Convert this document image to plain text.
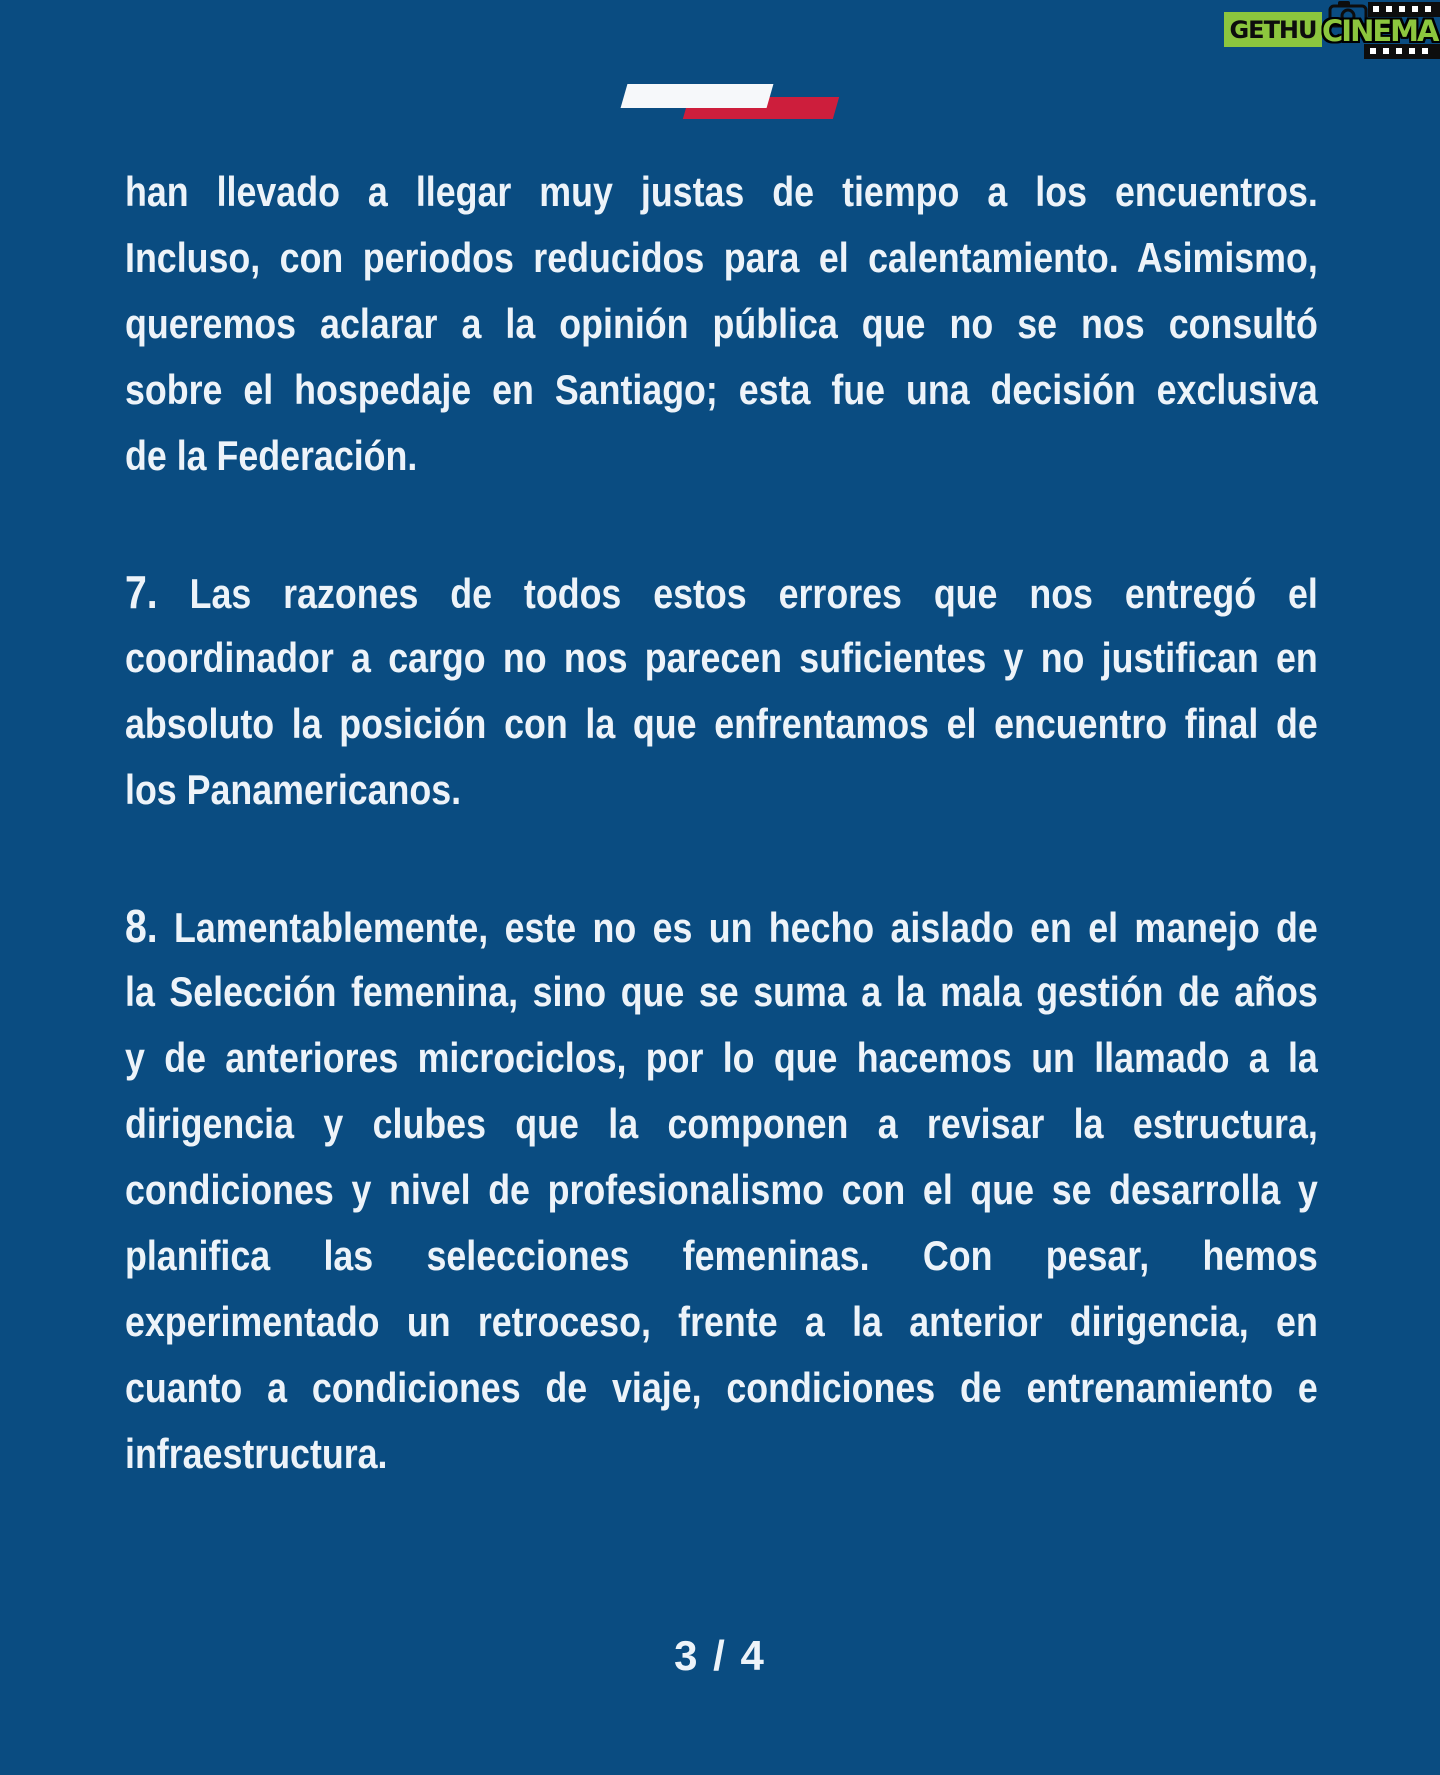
GETHU CINEMA
han llevado a llegar muy justas de tiempo a los encuentros.
Incluso, con periodos reducidos para el calentamiento. Asimismo,
queremos aclarar a la opinión pública que no se nos consultó
sobre el hospedaje en Santiago; esta fue una decisión exclusiva
de la Federación.
7. Las razones de todos estos errores que nos entregó el
coordinador a cargo no nos parecen suficientes y no justifican en
absoluto la posición con la que enfrentamos el encuentro final de
los Panamericanos.
8. Lamentablemente, este no es un hecho aislado en el manejo de
la Selección femenina, sino que se suma a la mala gestión de años
y de anteriores microciclos, por lo que hacemos un llamado a la
dirigencia y clubes que la componen a revisar la estructura,
condiciones y nivel de profesionalismo con el que se desarrolla y
planifica las selecciones femeninas. Con pesar, hemos
experimentado un retroceso, frente a la anterior dirigencia, en
cuanto a condiciones de viaje, condiciones de entrenamiento e
infraestructura.
3 / 4
